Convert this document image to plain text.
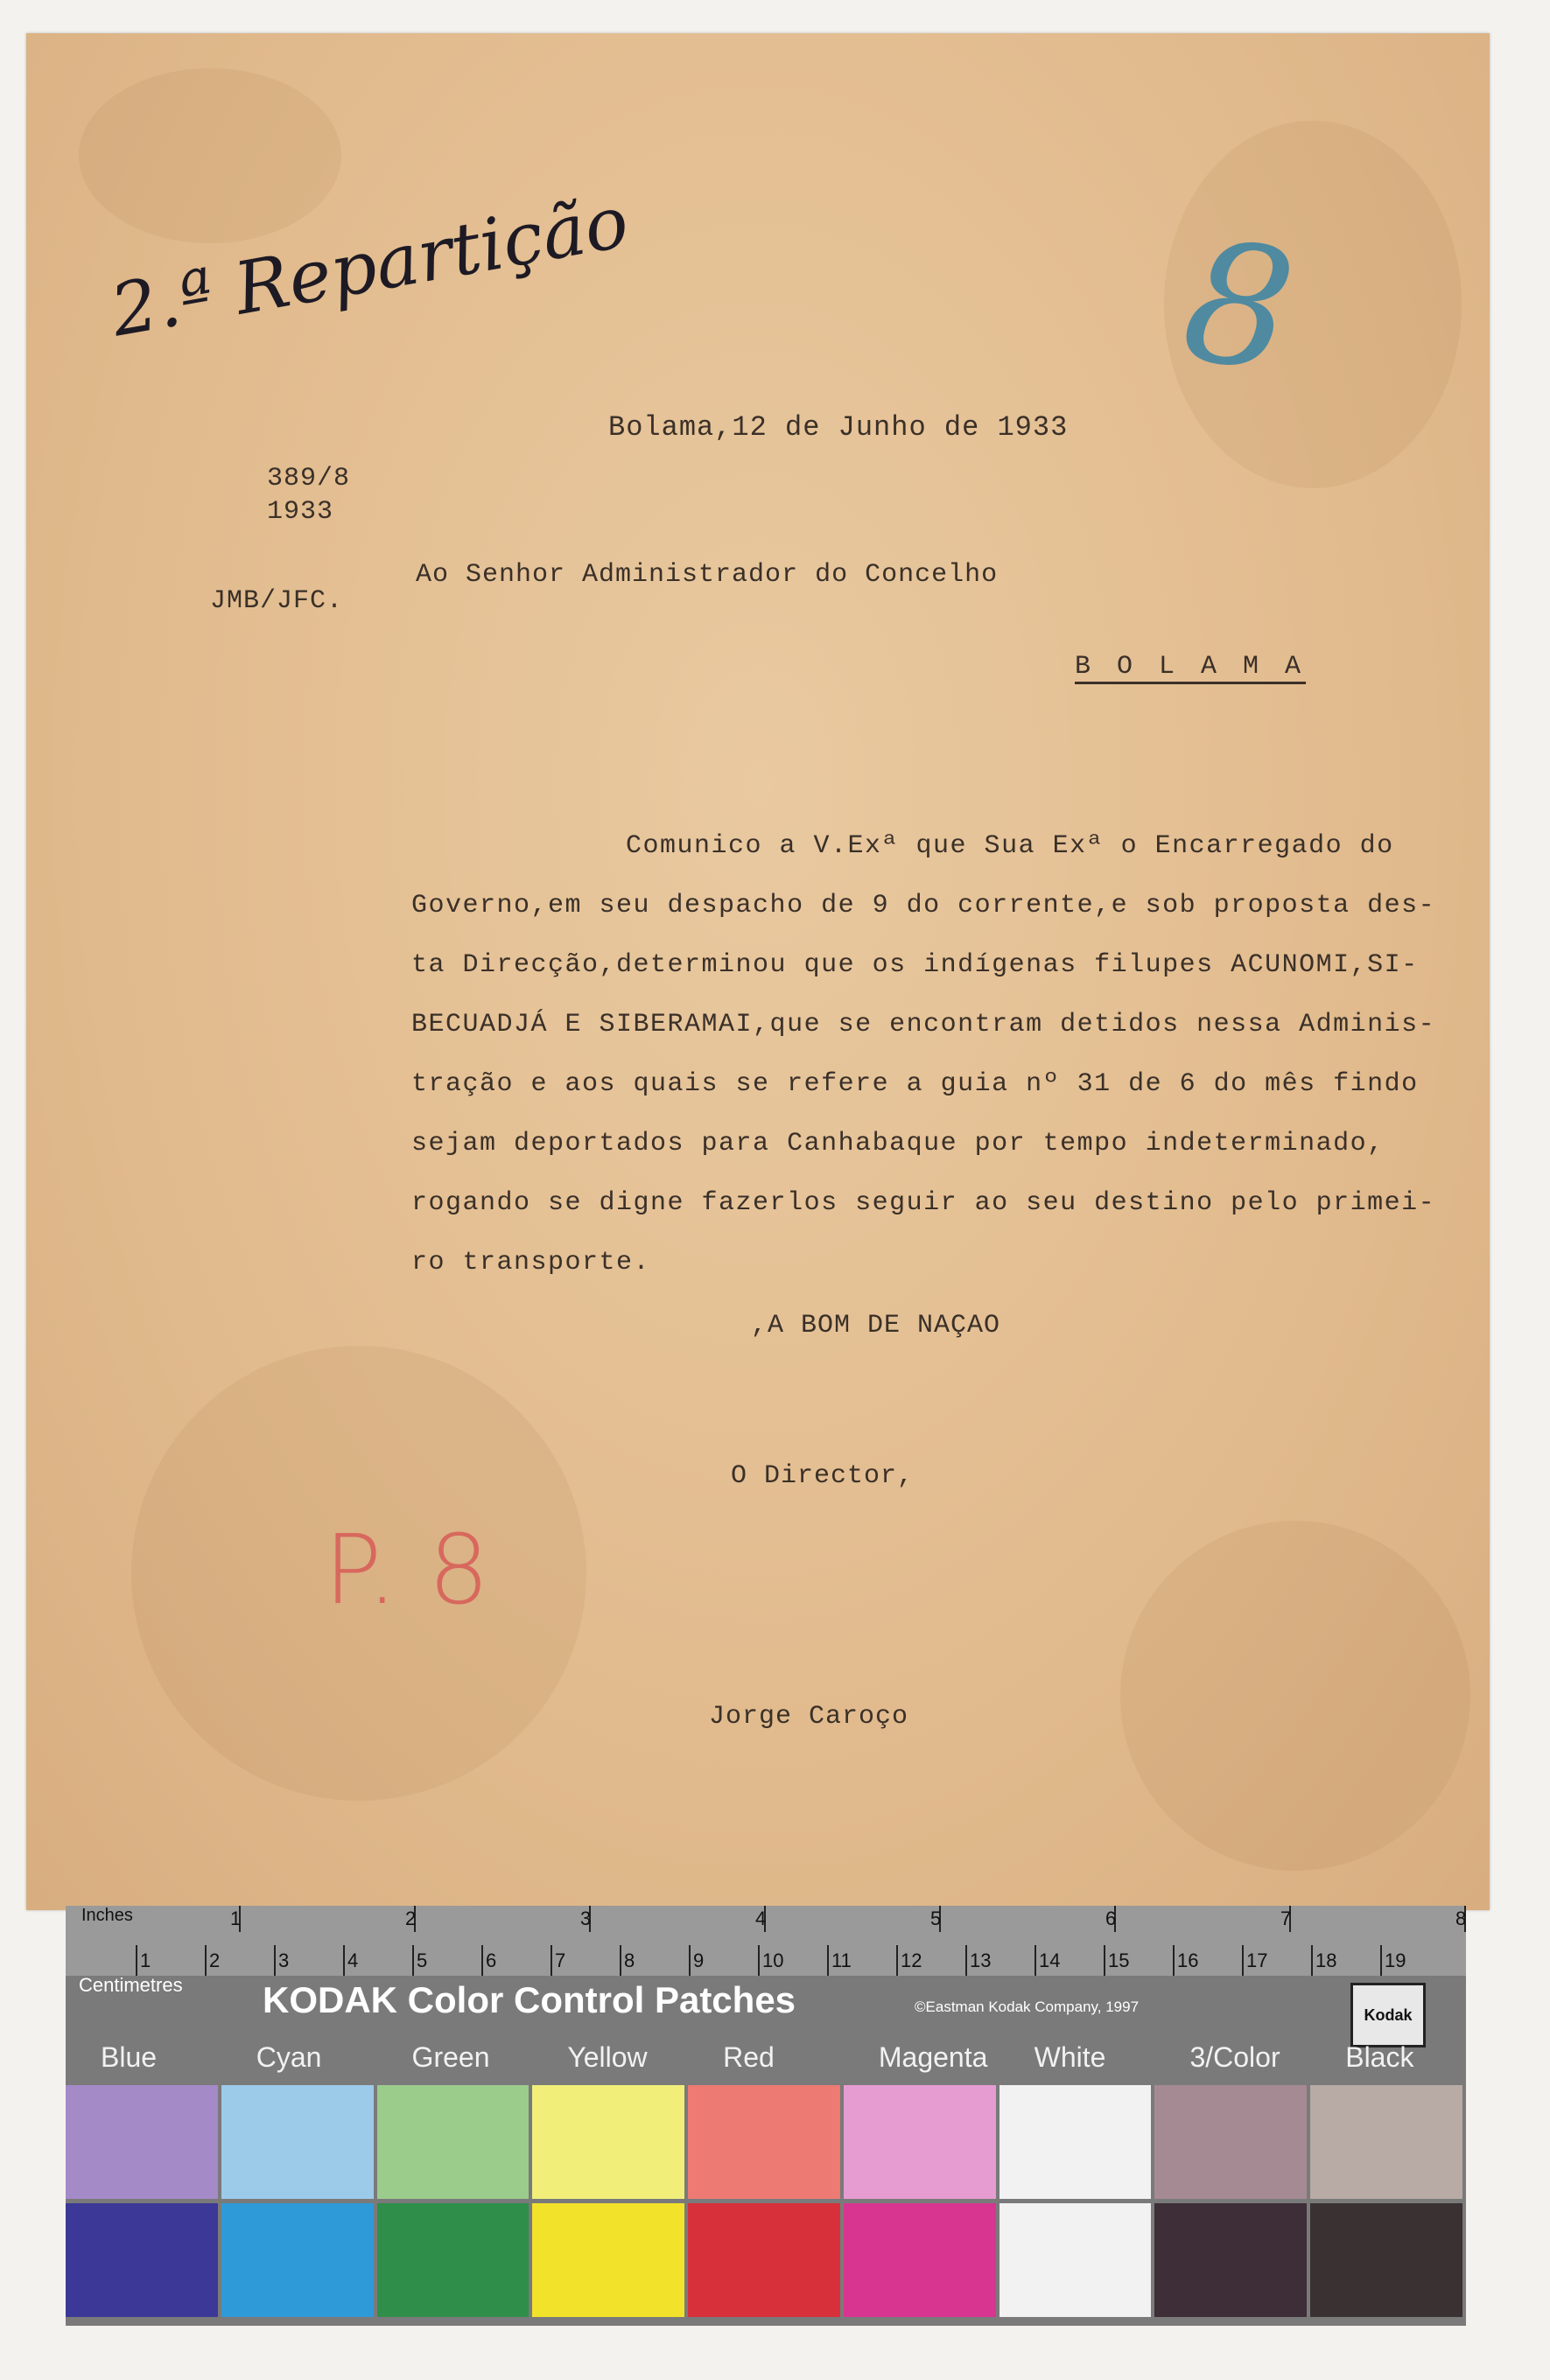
2.ª Repartição	8
389/8
1933
JMB/JFC.
Bolama,12 de Junho de 1933
Ao Senhor Administrador do Concelho
B O L A M A
Comunico a V.Exª que Sua Exª o Encarregado do
Governo,em seu despacho de 9 do corrente,e sob proposta des-
ta Direcção,determinou que os indígenas filupes ACUNOMI,SI-
BECUADJÁ E SIBERAMAI,que se encontram detidos nessa Adminis-
tração e aos quais se refere a guia nº 31 de 6 do mês findo
sejam deportados para Canhabaque por tempo indeterminado,
rogando se digne fazerlos seguir ao seu destino pelo primei-
ro transporte.
,A BOM DE NAÇAO
O Director,
P. 8
Jorge Caroço
Inches	1	2	3	4	5	6	7	8
1	2	3	4	5	6	7	8	9	10 11	12 13 14 15 16 17 18 19
Centimetres KODAK Color Control Patches	©Eastman Kodak Company, 1997	Kodak
Blue	Cyan	Green	Yellow	Red	Magenta White	3/Color Black
